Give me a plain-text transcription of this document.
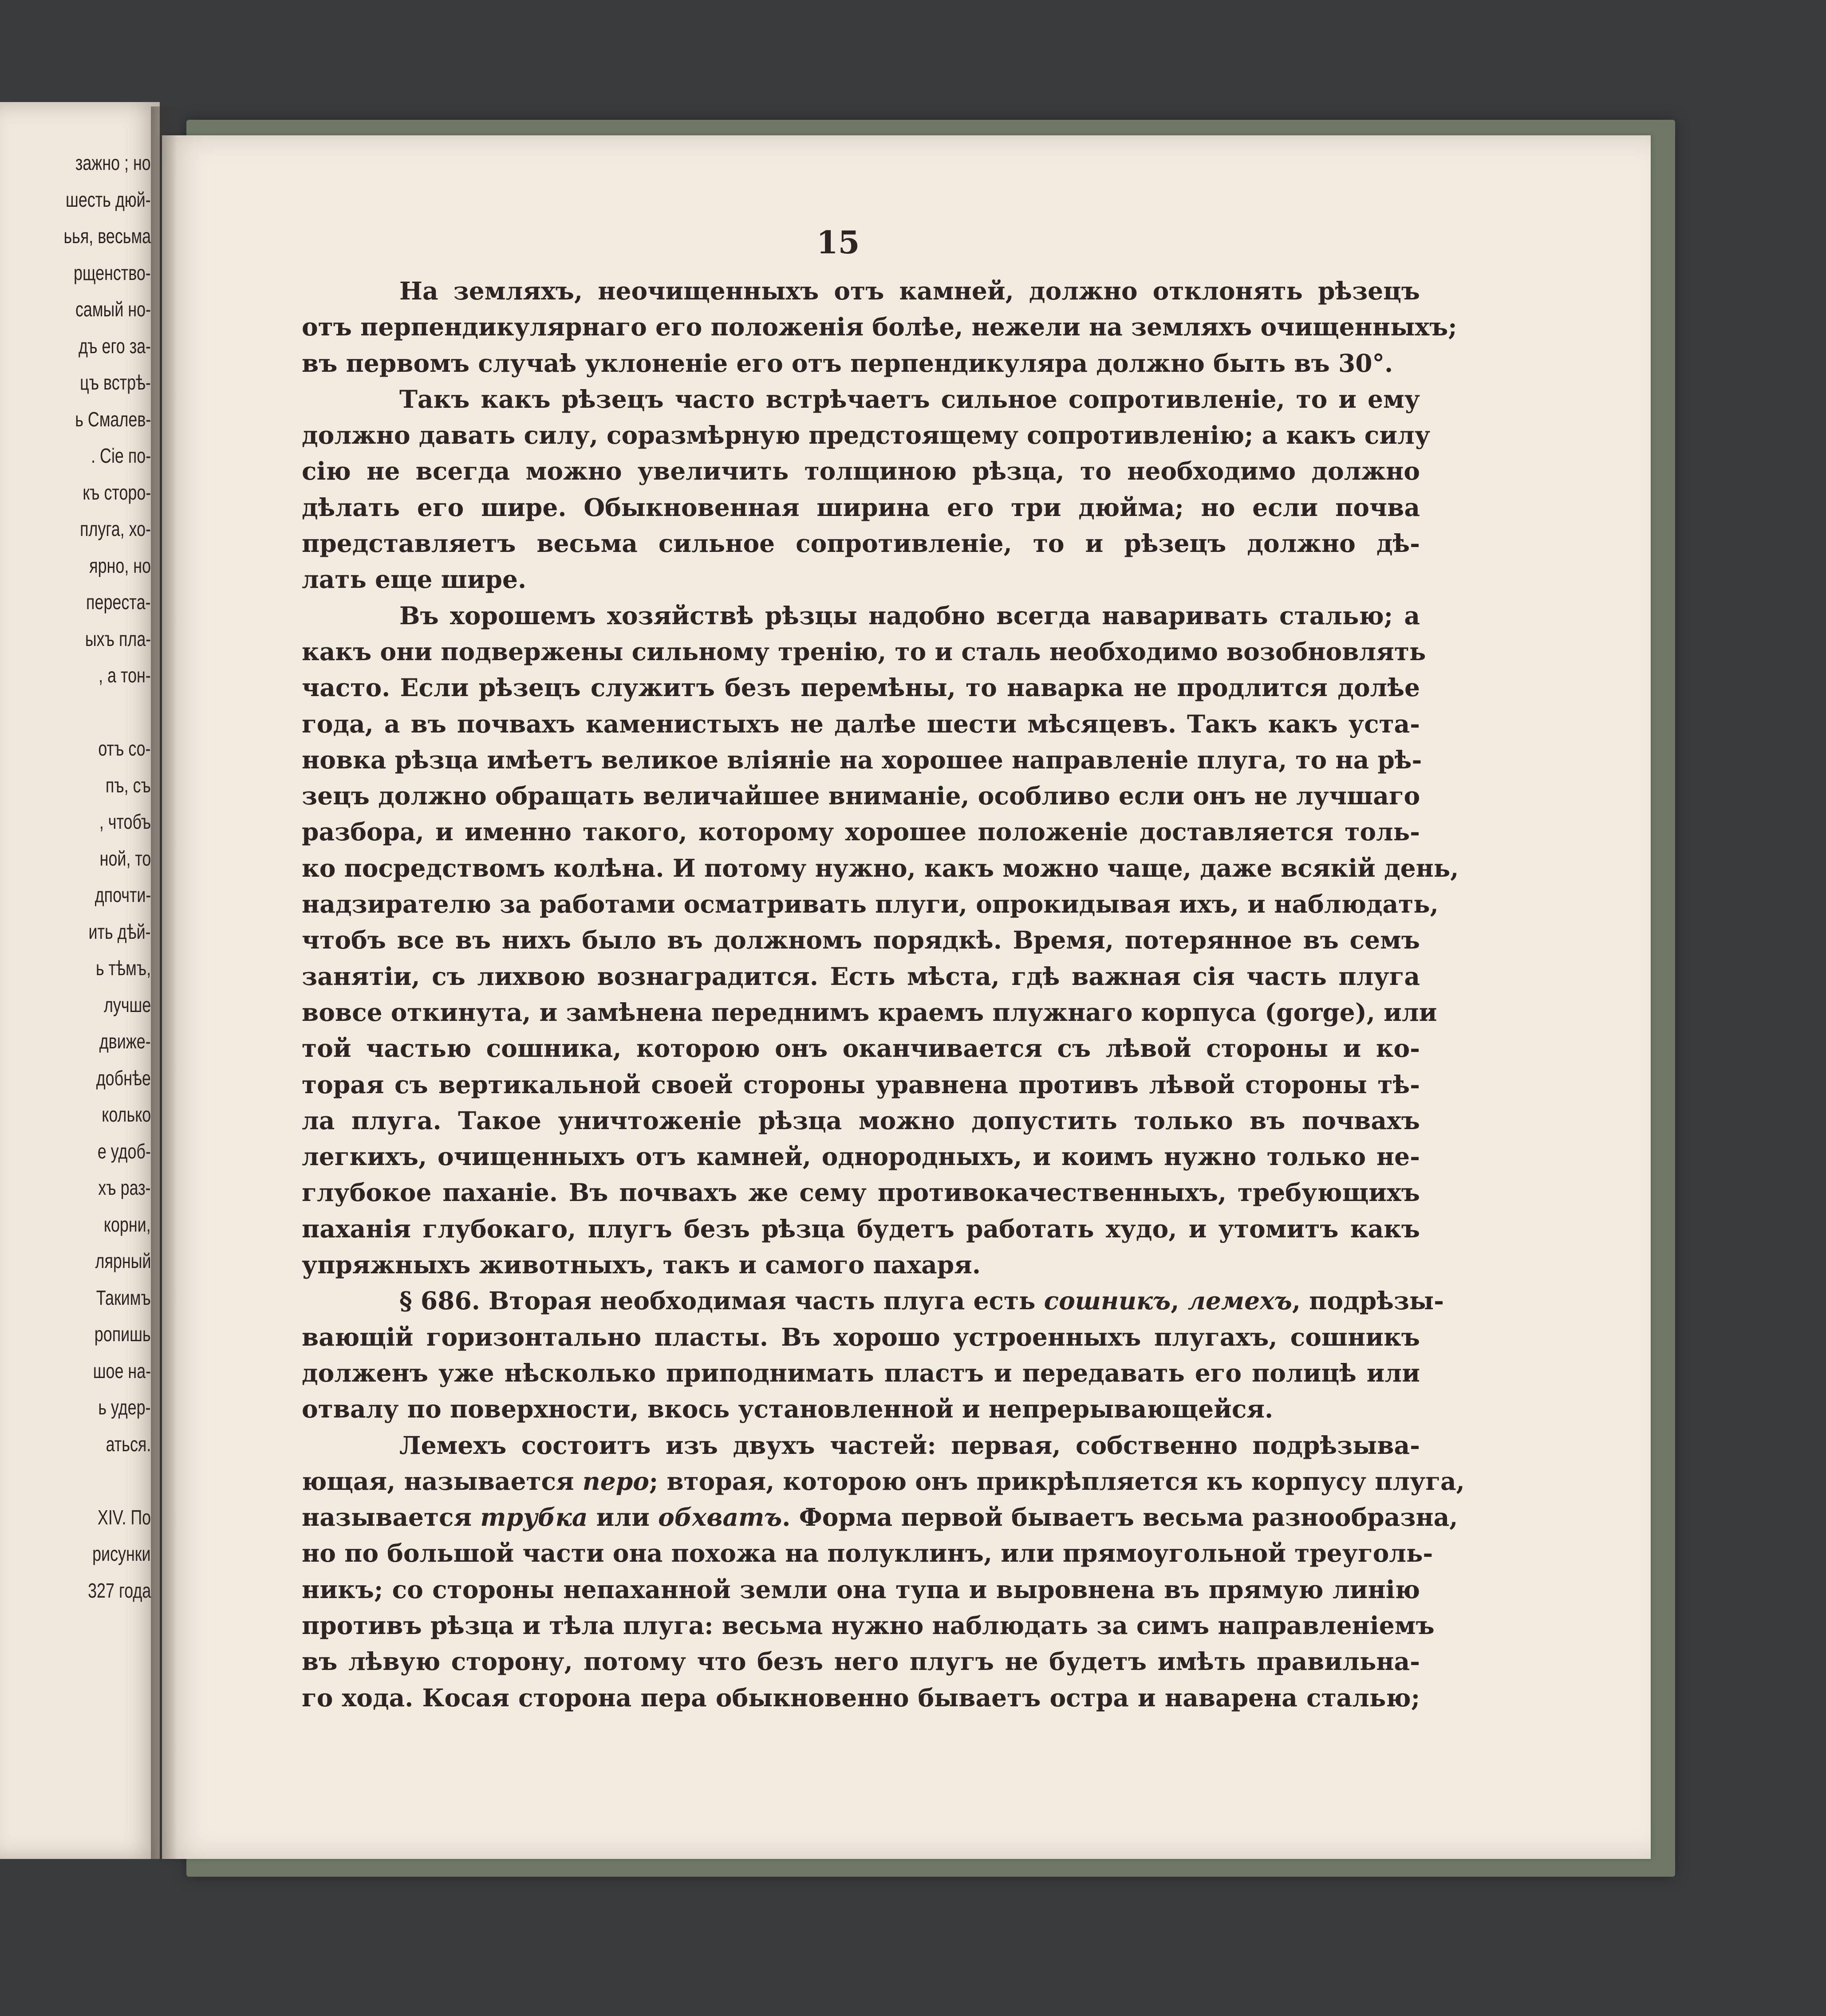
зажно ; но
шесть дюй-
ьья, весьма
рщенство-
самый но-
дъ его за-
цъ встрѣ-
ь Смалев-
. Сіе по-
къ сторо-
плуга, хо-
ярно, но
перестa-
ыхъ пла-
, а тон-
отъ со-
пъ, съ
, чтобъ
ной, то
дпочти-
ить дѣй-
ь тѣмъ,
лучше
движе-
добнѣе
колько
е удоб-
хъ раз-
корни,
лярный
Такимъ
ропишь
шое на-
ь удер-
аться.
XIV. По
рисунки
327 года
15
На земляхъ, неочищенныхъ отъ камней, должно отклонять рѣзецъ
отъ перпендикулярнаго его положенія болѣе, нежели на земляхъ очищенныхъ;
въ первомъ случаѣ уклоненіе его отъ перпендикуляра должно быть въ 30°.
Такъ какъ рѣзецъ часто встрѣчаетъ сильное сопротивленіе, то и ему
должно давать силу, соразмѣрную предстоящему сопротивленію; а какъ силу
сію не всегда можно увеличить толщиною рѣзца, то необходимо должно
дѣлать его шире. Обыкновенная ширина его три дюйма; но если почва
представляетъ весьма сильное сопротивленіе, то и рѣзецъ должно дѣ-
лать еще шире.
Въ хорошемъ хозяйствѣ рѣзцы надобно всегда наваривать сталью; а
какъ они подвержены сильному тренію, то и сталь необходимо возобновлять
часто. Если рѣзецъ служитъ безъ перемѣны, то наварка не продлится долѣе
года, а въ почвахъ каменистыхъ не далѣе шести мѣсяцевъ. Такъ какъ уста-
новка рѣзца имѣетъ великое вліяніе на хорошее направленіе плуга, то на рѣ-
зецъ должно обращать величайшее вниманіе, особливо если онъ не лучшаго
разбора, и именно такого, которому хорошее положеніе доставляется толь-
ко посредствомъ колѣна. И потому нужно, какъ можно чаще, даже всякій день,
надзирателю за работами осматривать плуги, опрокидывая ихъ, и наблюдать,
чтобъ все въ нихъ было въ должномъ порядкѣ. Время, потерянное въ семъ
занятіи, съ лихвою вознаградится. Есть мѣста, гдѣ важная сія часть плуга
вовсе откинута, и замѣнена переднимъ краемъ плужнаго корпуса (gorge), или
той частью сошника, которою онъ оканчивается съ лѣвой стороны и ко-
торая съ вертикальной своей стороны уравнена противъ лѣвой стороны тѣ-
ла плуга. Такое уничтоженіе рѣзца можно допустить только въ почвахъ
легкихъ, очищенныхъ отъ камней, однородныхъ, и коимъ нужно только не-
глубокое паханіе. Въ почвахъ же сему противокачественныхъ, требующихъ
паханія глубокаго, плугъ безъ рѣзца будетъ работать худо, и утомитъ какъ
упряжныхъ животныхъ, такъ и самого пахаря.
§ 686. Вторая необходимая часть плуга есть сошникъ, лемехъ, подрѣзы-
вающій горизонтально пласты. Въ хорошо устроенныхъ плугахъ, сошникъ
долженъ уже нѣсколько приподнимать пластъ и передавать его полицѣ или
отвалу по поверхности, вкось установленной и непрерывающейся.
Лемехъ состоитъ изъ двухъ частей: первая, собственно подрѣзыва-
ющая, называется перо; вторая, которою онъ прикрѣпляется къ корпусу плуга,
называется трубка или обхватъ. Форма первой бываетъ весьма разнообразна,
но по большой части она похожа на полуклинъ, или прямоугольной треуголь-
никъ; со стороны непаханной земли она тупа и выровнена въ прямую линію
противъ рѣзца и тѣла плуга: весьма нужно наблюдать за симъ направленіемъ
въ лѣвую сторону, потому что безъ него плугъ не будетъ имѣть правильна-
го хода. Косая сторона пера обыкновенно бываетъ остра и наварена сталью;
